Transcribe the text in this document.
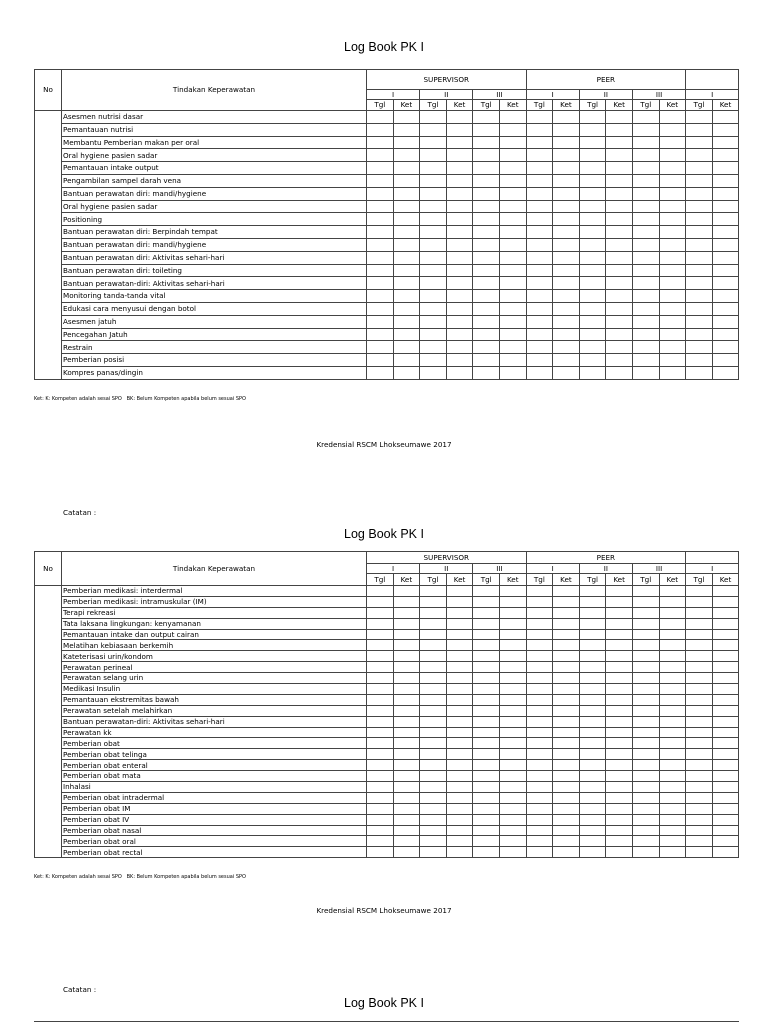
Log Book PK I
No	Tindakan Keperawatan	SUPERVISOR						PEER							
		I		II		III		I		II		III		I	
		Tgl	Ket	Tgl	Ket	Tgl	Ket	Tgl	Ket	Tgl	Ket	Tgl	Ket	Tgl	Ket
	Asesmen nutrisi dasar														
	Pemantauan nutrisi														
	Membantu Pemberian makan per oral														
	Oral hygiene pasien sadar														
	Pemantauan intake output														
	Pengambilan sampel darah vena														
	Bantuan perawatan diri: mandi/hygiene														
	Oral hygiene pasien sadar														
	Positioning														
	Bantuan perawatan diri: Berpindah tempat														
	Bantuan perawatan diri: mandi/hygiene														
	Bantuan perawatan diri: Aktivitas sehari-hari														
	Bantuan perawatan diri: toileting														
	Bantuan perawatan-diri: Aktivitas sehari-hari														
	Monitoring tanda-tanda vital														
	Edukasi cara menyusui dengan botol														
	Asesmen jatuh														
	Pencegahan Jatuh														
	Restrain														
	Pemberian posisi														
	Kompres panas/dingin														
Ket: K: Kompeten adalah sesai SPO   BK: Belum Kompeten apabila belum sesuai SPO
Kredensial RSCM Lhokseumawe 2017
Catatan :
Log Book PK I
No	Tindakan Keperawatan	SUPERVISOR						PEER							
		I		II		III		I		II		III		I	
		Tgl	Ket	Tgl	Ket	Tgl	Ket	Tgl	Ket	Tgl	Ket	Tgl	Ket	Tgl	Ket
	Pemberian medikasi: interdermal														
	Pemberian medikasi: intramuskular (IM)														
	Terapi rekreasi														
	Tata laksana lingkungan: kenyamanan														
	Pemantauan intake dan output cairan														
	Melatihan kebiasaan berkemih														
	Kateterisasi urin/kondom														
	Perawatan perineal														
	Perawatan selang urin														
	Medikasi Insulin														
	Pemantauan ekstremitas bawah														
	Perawatan setelah melahirkan														
	Bantuan perawatan-diri: Aktivitas sehari-hari														
	Perawatan kk														
	Pemberian obat														
	Pemberian obat telinga														
	Pemberian obat enteral														
	Pemberian obat mata														
	Inhalasi														
	Pemberian obat intradermal														
	Pemberian obat IM														
	Pemberian obat IV														
	Pemberian obat nasal														
	Pemberian obat oral														
	Pemberian obat rectal														
Ket: K: Kompeten adalah sesai SPO   BK: Belum Kompeten apabila belum sesuai SPO
Kredensial RSCM Lhokseumawe 2017
Catatan :
Log Book PK I
